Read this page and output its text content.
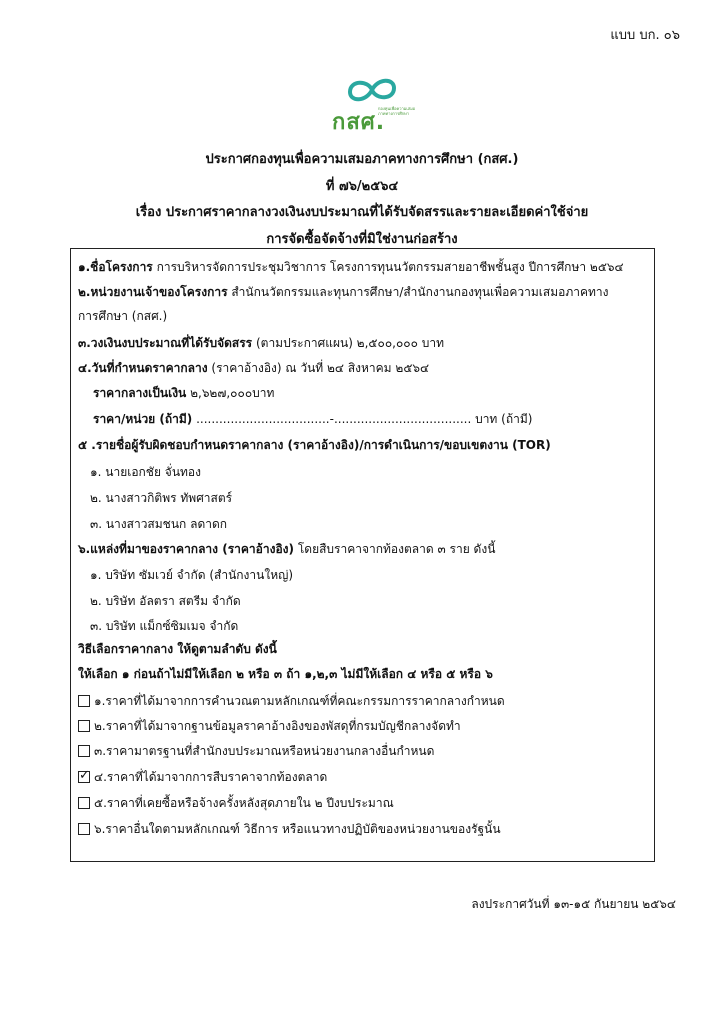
แบบ บก. ๐๖
กสศ.
กองทุนเพื่อความเสมอภาคทางการศึกษา
ประกาศกองทุนเพื่อความเสมอภาคทางการศึกษา (กสศ.)
ที่ ๗๖/๒๕๖๔
เรื่อง ประกาศราคากลางวงเงินงบประมาณที่ได้รับจัดสรรและรายละเอียดค่าใช้จ่าย
การจัดซื้อจัดจ้างที่มิใช่งานก่อสร้าง
๑.ชื่อโครงการ การบริหารจัดการประชุมวิชาการ โครงการทุนนวัตกรรมสายอาชีพชั้นสูง ปีการศึกษา ๒๕๖๔
๒.หน่วยงานเจ้าของโครงการ สำนักนวัตกรรมและทุนการศึกษา/สำนักงานกองทุนเพื่อความเสมอภาคทาง
การศึกษา (กสศ.)
๓.วงเงินงบประมาณที่ได้รับจัดสรร (ตามประกาศแผน) ๒,๕๐๐,๐๐๐ บาท
๔.วันที่กำหนดราคากลาง (ราคาอ้างอิง) ณ วันที่ ๒๔ สิงหาคม ๒๕๖๔
ราคากลางเป็นเงิน ๒,๖๒๗,๐๐๐บาท
ราคา/หน่วย (ถ้ามี) ...................................-.................................... บาท (ถ้ามี)
๕ .รายชื่อผู้รับผิดชอบกำหนดราคากลาง (ราคาอ้างอิง)/การดำเนินการ/ขอบเขตงาน (TOR)
๑. นายเอกชัย จั่นทอง
๒. นางสาวกิติพร ทัพศาสตร์
๓. นางสาวสมชนก ลดาดก
๖.แหล่งที่มาของราคากลาง (ราคาอ้างอิง) โดยสืบราคาจากท้องตลาด ๓ ราย ดังนี้
๑. บริษัท ซัมเวย์ จำกัด (สำนักงานใหญ่)
๒. บริษัท อัลตรา สตรีม จำกัด
๓. บริษัท แม็กซ์ซิมเมจ จำกัด
วิธีเลือกราคากลาง ให้ดูตามลำดับ ดังนี้
ให้เลือก ๑ ก่อนถ้าไม่มีให้เลือก ๒ หรือ ๓ ถ้า ๑,๒,๓ ไม่มีให้เลือก ๔ หรือ ๕ หรือ ๖
๑.ราคาที่ได้มาจากการคำนวณตามหลักเกณฑ์ที่คณะกรรมการราคากลางกำหนด
๒.ราคาที่ได้มาจากฐานข้อมูลราคาอ้างอิงของพัสดุที่กรมบัญชีกลางจัดทำ
๓.ราคามาตรฐานที่สำนักงบประมาณหรือหน่วยงานกลางอื่นกำหนด
✓๔.ราคาที่ได้มาจากการสืบราคาจากท้องตลาด
๕.ราคาที่เคยซื้อหรือจ้างครั้งหลังสุดภายใน ๒ ปีงบประมาณ
๖.ราคาอื่นใดตามหลักเกณฑ์ วิธีการ หรือแนวทางปฏิบัติของหน่วยงานของรัฐนั้น
ลงประกาศวันที่ ๑๓-๑๕ กันยายน ๒๕๖๔
